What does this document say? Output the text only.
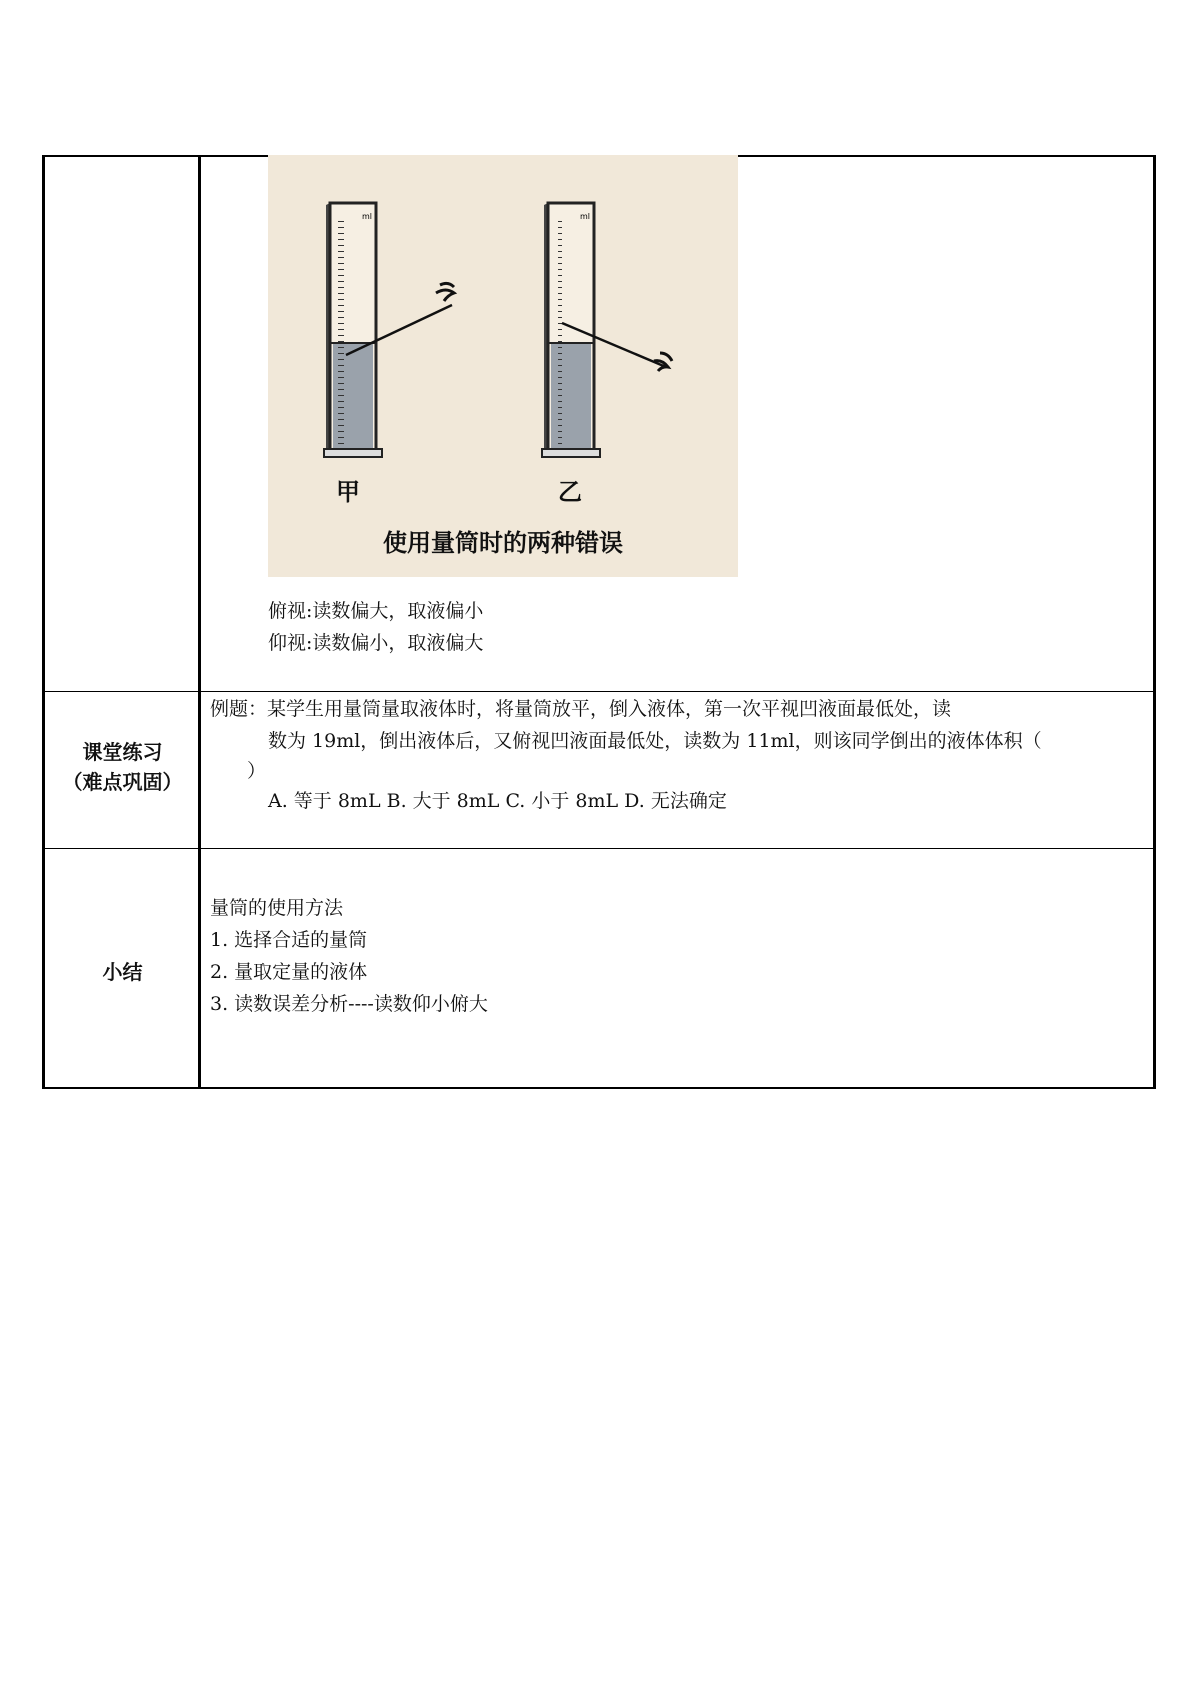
课堂练习
（难点巩固）
小结
ml	ml
甲	乙
使用量筒时的两种错误
俯视:读数偏大，取液偏小
仰视:读数偏小，取液偏大
例题：某学生用量筒量取液体时，将量筒放平，倒入液体，第一次平视凹液面最低处，读
数为 19ml，倒出液体后，又俯视凹液面最低处，读数为 11ml，则该同学倒出的液体体积（
）
A. 等于 8mL B. 大于 8mL C. 小于 8mL D. 无法确定
量筒的使用方法
1. 选择合适的量筒
2. 量取定量的液体
3. 读数误差分析----读数仰小俯大
